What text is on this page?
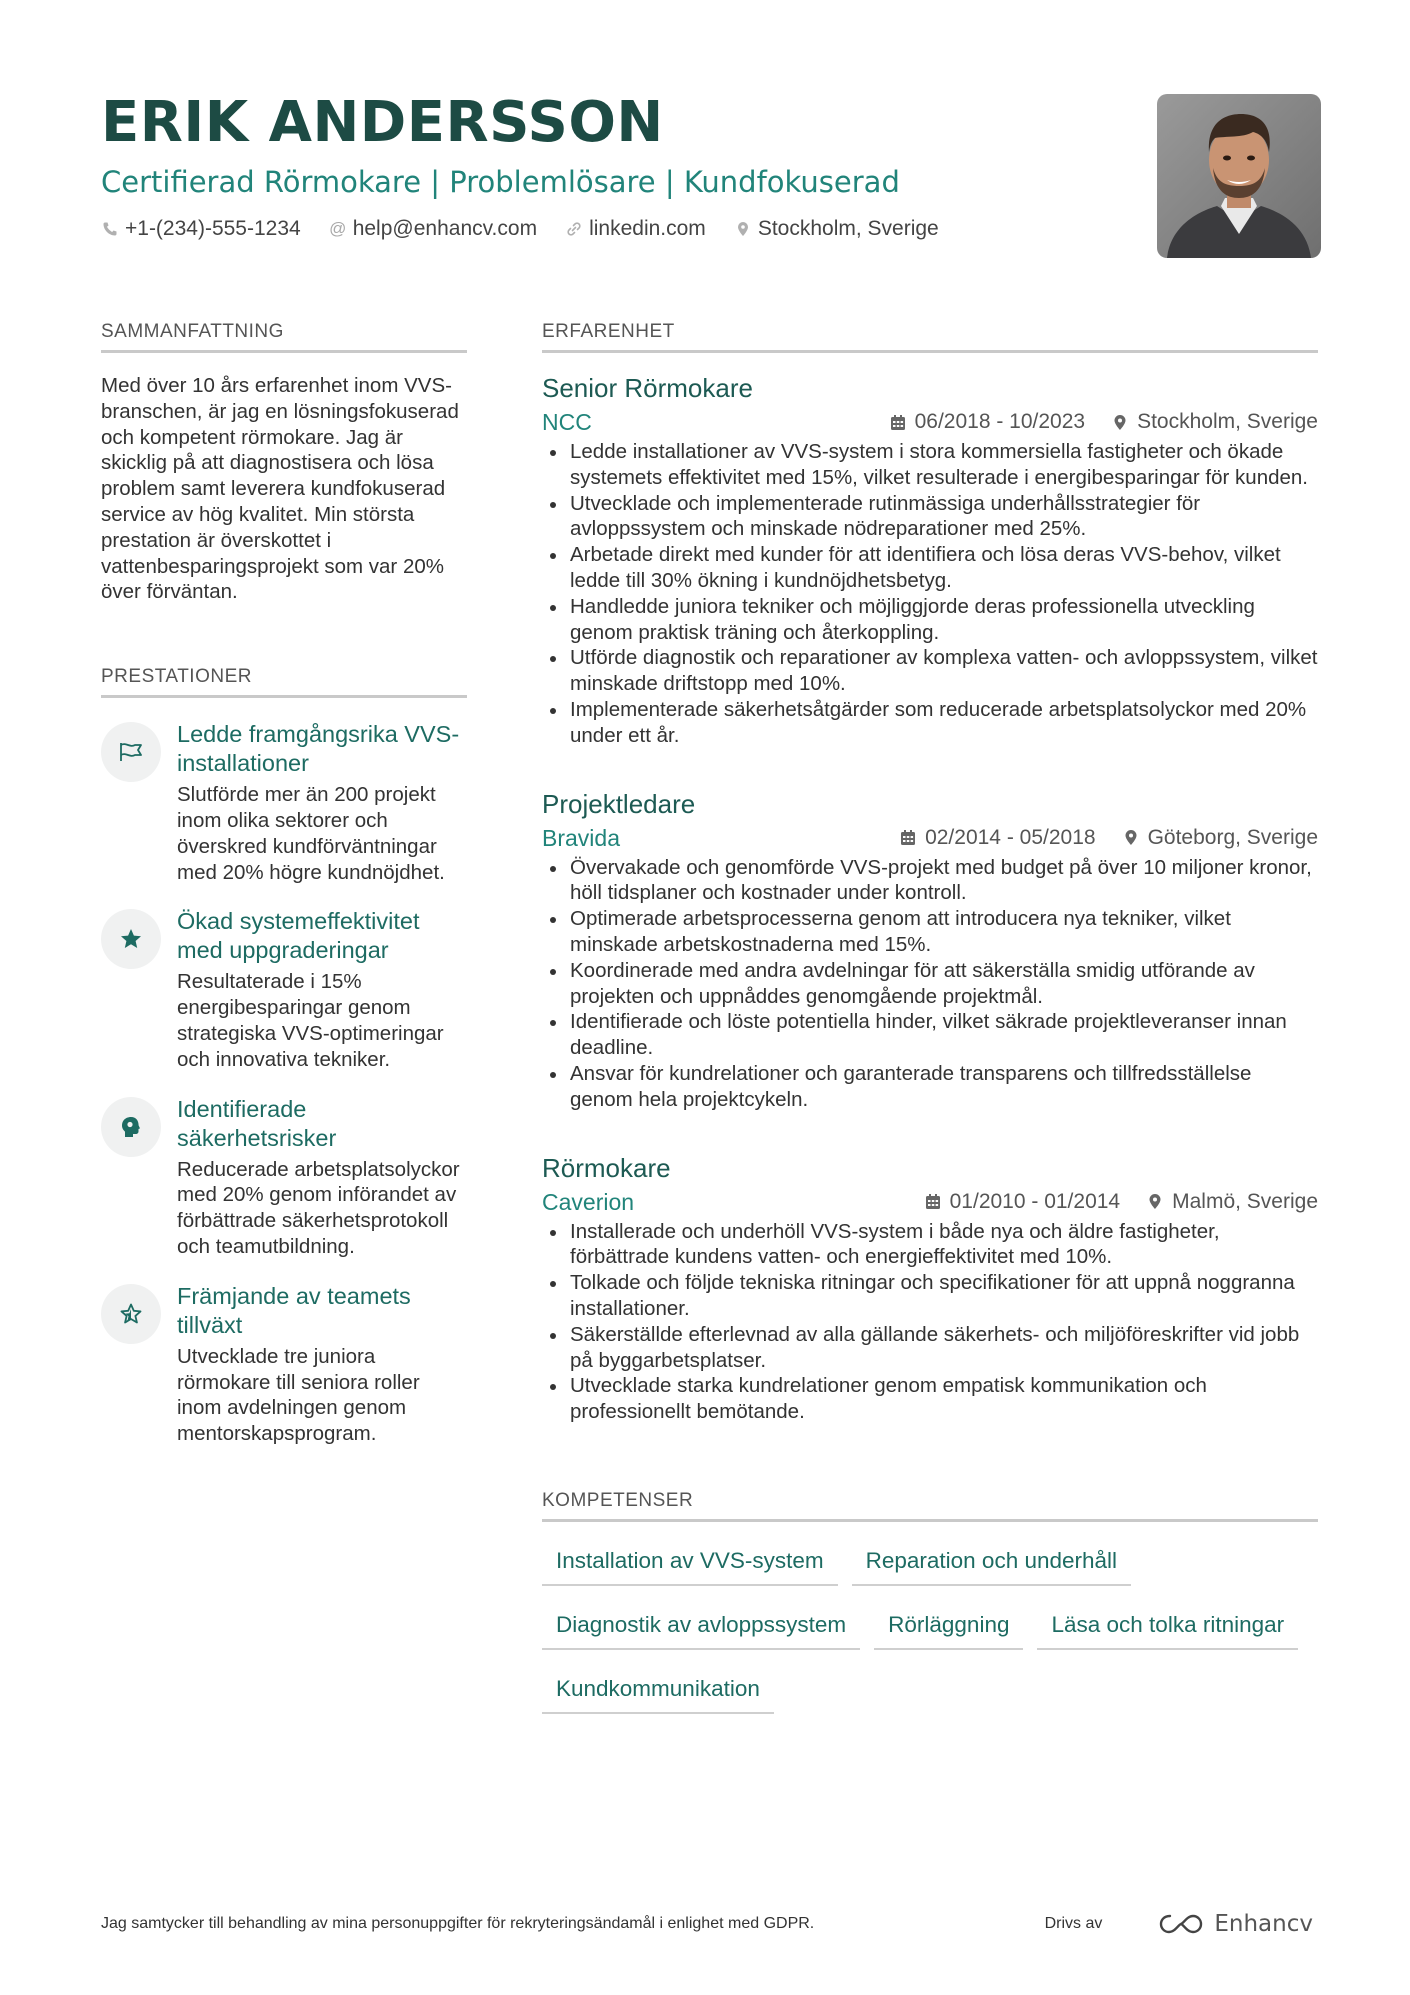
ERIK ANDERSSON
Certifierad Rörmokare | Problemlösare | Kundfokuserad
+1-(234)-555-1234 @ help@enhancv.com linkedin.com Stockholm, Sverige
SAMMANFATTNING

Med över 10 års erfarenhet inom VVS-branschen, är jag en lösningsfokuserad och kompetent rörmokare. Jag är skicklig på att diagnostisera och lösa problem samt leverera kundfokuserad service av hög kvalitet. Min största prestation är överskottet i vattenbesparingsprojekt som var 20% över förväntan.

PRESTATIONER
Ledde framgångsrika VVS-installationer
Slutförde mer än 200 projekt inom olika sektorer och överskred kundförväntningar med 20% högre kundnöjdhet.
Ökad systemeffektivitet med uppgraderingar
Resultaterade i 15% energibesparingar genom strategiska VVS-optimeringar och innovativa tekniker.
Identifierade säkerhetsrisker
Reducerade arbetsplatsolyckor med 20% genom införandet av förbättrade säkerhetsprotokoll och teamutbildning.
Främjande av teamets tillväxt
Utvecklade tre juniora rörmokare till seniora roller inom avdelningen genom mentorskapsprogram.
ERFARENHET
Senior Rörmokare
NCC	06/2018 - 10/2023 Stockholm, Sverige
Ledde installationer av VVS-system i stora kommersiella fastigheter och ökade systemets effektivitet med 15%, vilket resulterade i energibesparingar för kunden.
Utvecklade och implementerade rutinmässiga underhållsstrategier för avloppssystem och minskade nödreparationer med 25%.
Arbetade direkt med kunder för att identifiera och lösa deras VVS-behov, vilket ledde till 30% ökning i kundnöjdhetsbetyg.
Handledde juniora tekniker och möjliggjorde deras professionella utveckling genom praktisk träning och återkoppling.
Utförde diagnostik och reparationer av komplexa vatten- och avloppssystem, vilket minskade driftstopp med 10%.
Implementerade säkerhetsåtgärder som reducerade arbetsplatsolyckor med 20% under ett år.
Projektledare
Bravida	02/2014 - 05/2018 Göteborg, Sverige
Övervakade och genomförde VVS-projekt med budget på över 10 miljoner kronor, höll tidsplaner och kostnader under kontroll.
Optimerade arbetsprocesserna genom att introducera nya tekniker, vilket minskade arbetskostnaderna med 15%.
Koordinerade med andra avdelningar för att säkerställa smidig utförande av projekten och uppnåddes genomgående projektmål.
Identifierade och löste potentiella hinder, vilket säkrade projektleveranser innan deadline.
Ansvar för kundrelationer och garanterade transparens och tillfredsställelse genom hela projektcykeln.
Rörmokare
Caverion	01/2010 - 01/2014 Malmö, Sverige
Installerade och underhöll VVS-system i både nya och äldre fastigheter, förbättrade kundens vatten- och energieffektivitet med 10%.
Tolkade och följde tekniska ritningar och specifikationer för att uppnå noggranna installationer.
Säkerställde efterlevnad av alla gällande säkerhets- och miljöföreskrifter vid jobb på byggarbetsplatser.
Utvecklade starka kundrelationer genom empatisk kommunikation och professionellt bemötande.
KOMPETENSER
Installation av VVS-system	Reparation och underhåll
Diagnostik av avloppssystem	Rörläggning	Läsa och tolka ritningar
Kundkommunikation
Jag samtycker till behandling av mina personuppgifter för rekryteringsändamål i enlighet med GDPR.	Drivs av	Enhancv
